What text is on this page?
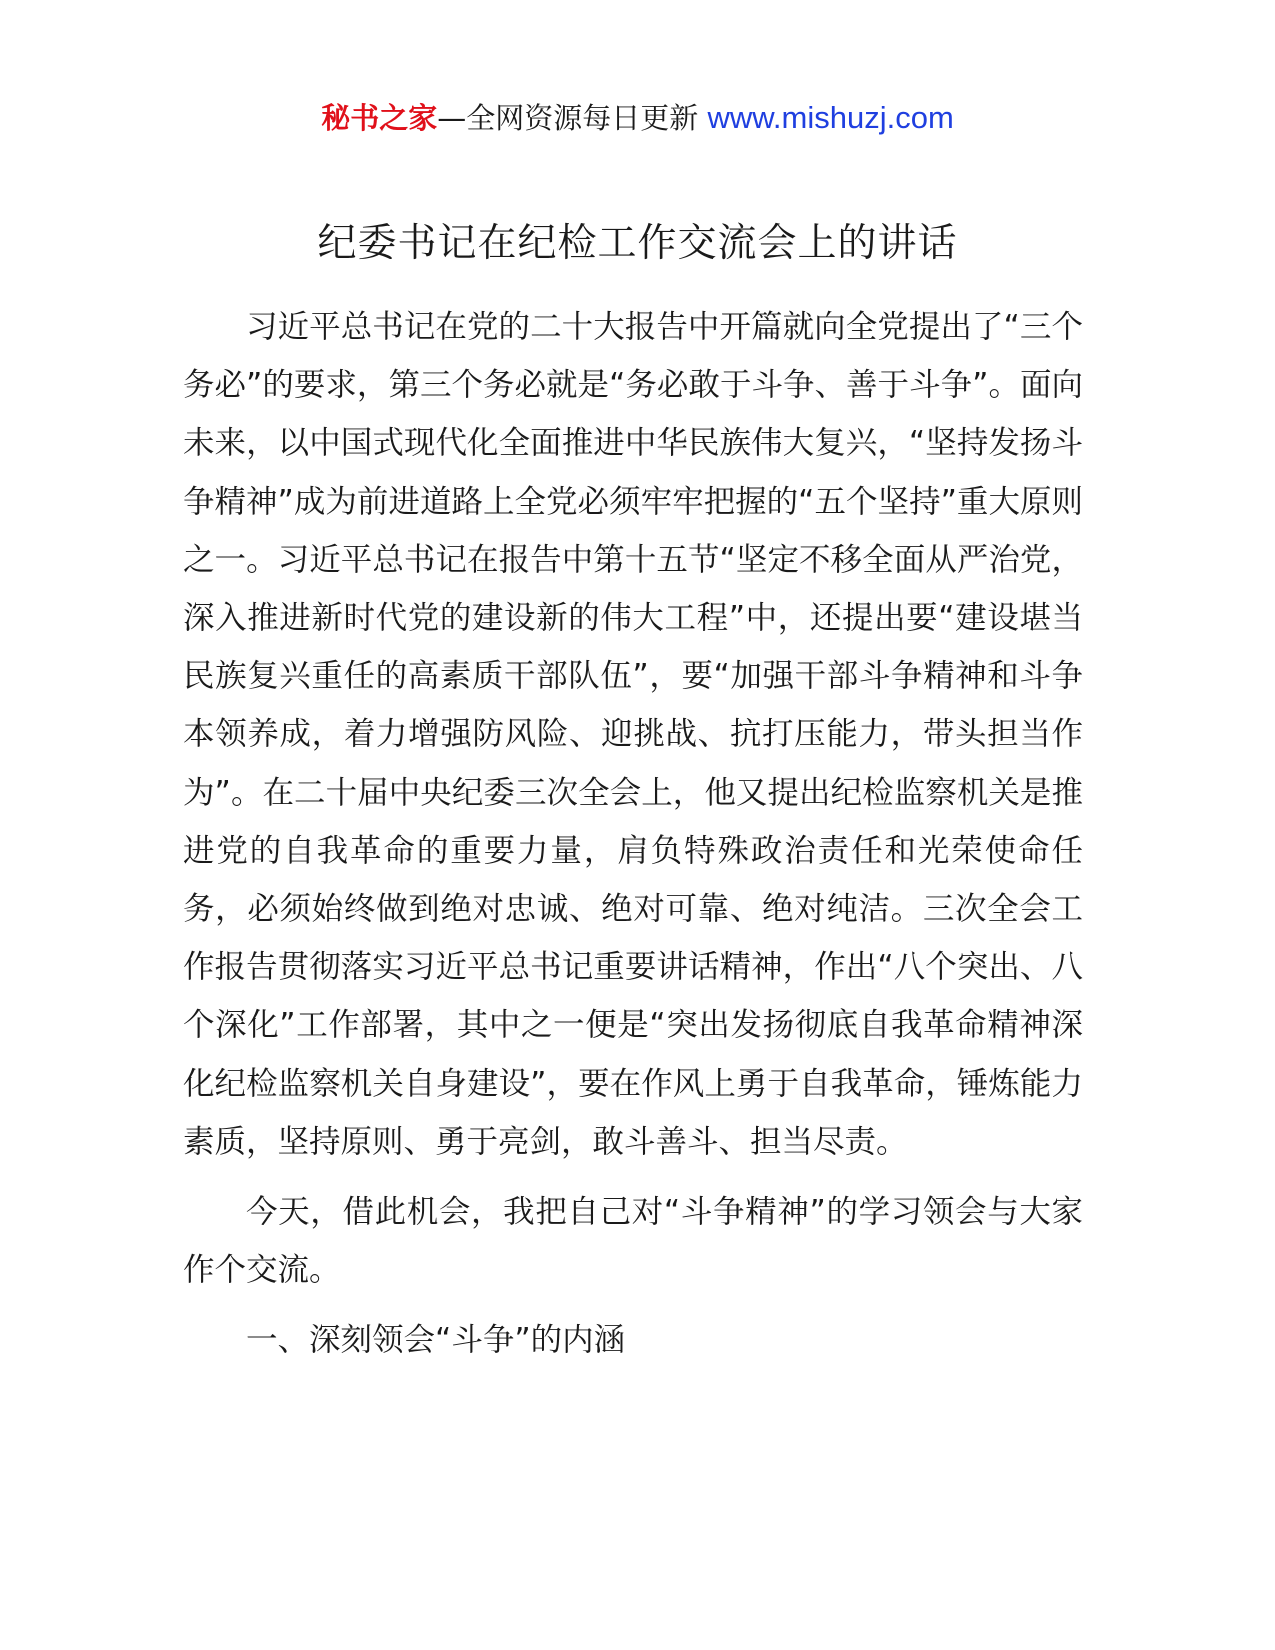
秘书之家—全网资源每日更新 www.mishuzj.com
纪委书记在纪检工作交流会上的讲话

习近平总书记在党的二十大报告中开篇就向全党提出了“三个务必”的要求，第三个务必就是“务必敢于斗争、善于斗争”。面向未来，以中国式现代化全面推进中华民族伟大复兴，“坚持发扬斗争精神”成为前进道路上全党必须牢牢把握的“五个坚持”重大原则之一。习近平总书记在报告中第十五节“坚定不移全面从严治党，深入推进新时代党的建设新的伟大工程”中，还提出要“建设堪当民族复兴重任的高素质干部队伍”，要“加强干部斗争精神和斗争本领养成，着力增强防风险、迎挑战、抗打压能力，带头担当作为”。在二十届中央纪委三次全会上，他又提出纪检监察机关是推进党的自我革命的重要力量，肩负特殊政治责任和光荣使命任务，必须始终做到绝对忠诚、绝对可靠、绝对纯洁。三次全会工作报告贯彻落实习近平总书记重要讲话精神，作出“八个突出、八个深化”工作部署，其中之一便是“突出发扬彻底自我革命精神深化纪检监察机关自身建设”，要在作风上勇于自我革命，锤炼能力素质，坚持原则、勇于亮剑，敢斗善斗、担当尽责。

今天，借此机会，我把自己对“斗争精神”的学习领会与大家作个交流。

一、深刻领会“斗争”的内涵
